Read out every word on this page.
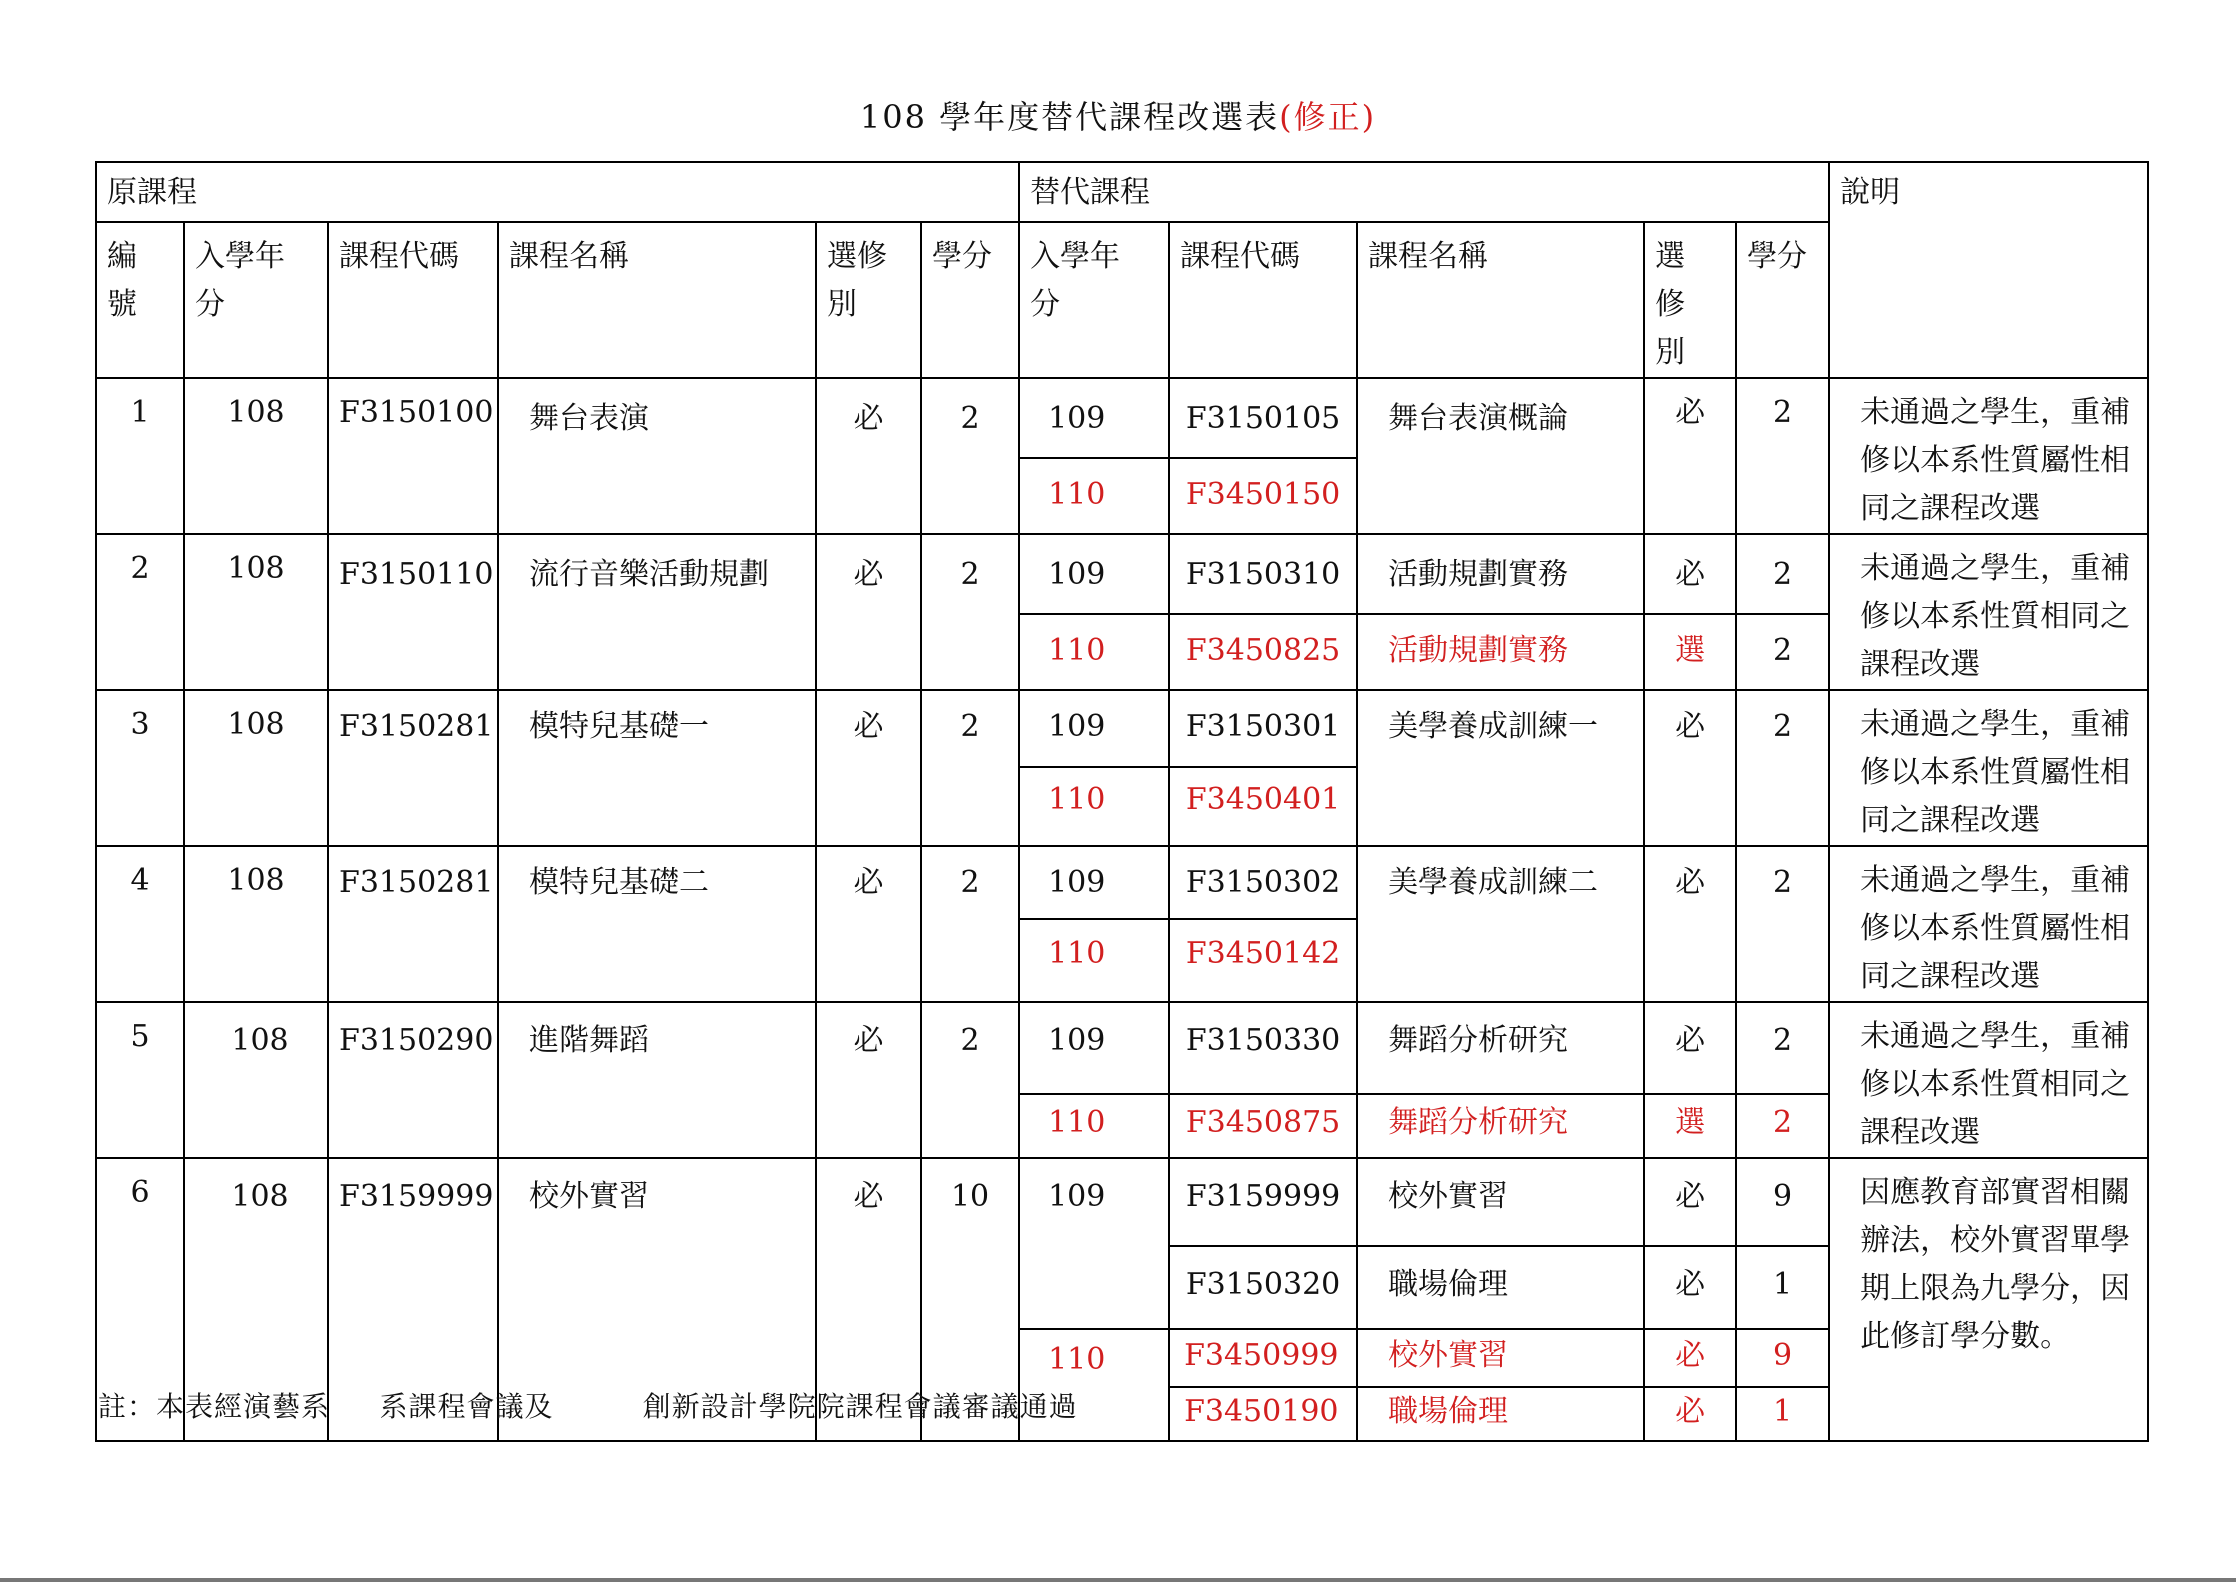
108 學年度替代課程改選表(修正)
原課程						替代課程					說明
編
號	入學年
分	課程代碼	課程名稱	選修
別	學分	入學年
分	課程代碼	課程名稱	選
修
別	學分	
1	108	F3150100	舞台表演	必	2	109	F3150105	舞台表演概論	必	2	未通過之學生，重補修以本系性質屬性相同之課程改選
						110	F3450150				
2	108	F3150110	流行音樂活動規劃	必	2	109	F3150310	活動規劃實務	必	2	未通過之學生，重補修以本系性質相同之課程改選
						110	F3450825	活動規劃實務	選	2	
3	108	F3150281	模特兒基礎一	必	2	109	F3150301	美學養成訓練一	必	2	未通過之學生，重補修以本系性質屬性相同之課程改選
						110	F3450401				
4	108	F3150281	模特兒基礎二	必	2	109	F3150302	美學養成訓練二	必	2	未通過之學生，重補修以本系性質屬性相同之課程改選
						110	F3450142				
5	108	F3150290	進階舞蹈	必	2	109	F3150330	舞蹈分析研究	必	2	未通過之學生，重補修以本系性質相同之課程改選
						110	F3450875	舞蹈分析研究	選	2	
6	108	F3159999	校外實習	必	10	109	F3159999	校外實習	必	9	因應教育部實習相關辦法，校外實習單學期上限為九學分，因此修訂學分數。
							F3150320	職場倫理	必	1	
						110	F3450999	校外實習	必	9	
							F3450190	職場倫理	必	1	
註：本表經演藝系     系課程會議及         創新設計學院院課程會議審議通過
